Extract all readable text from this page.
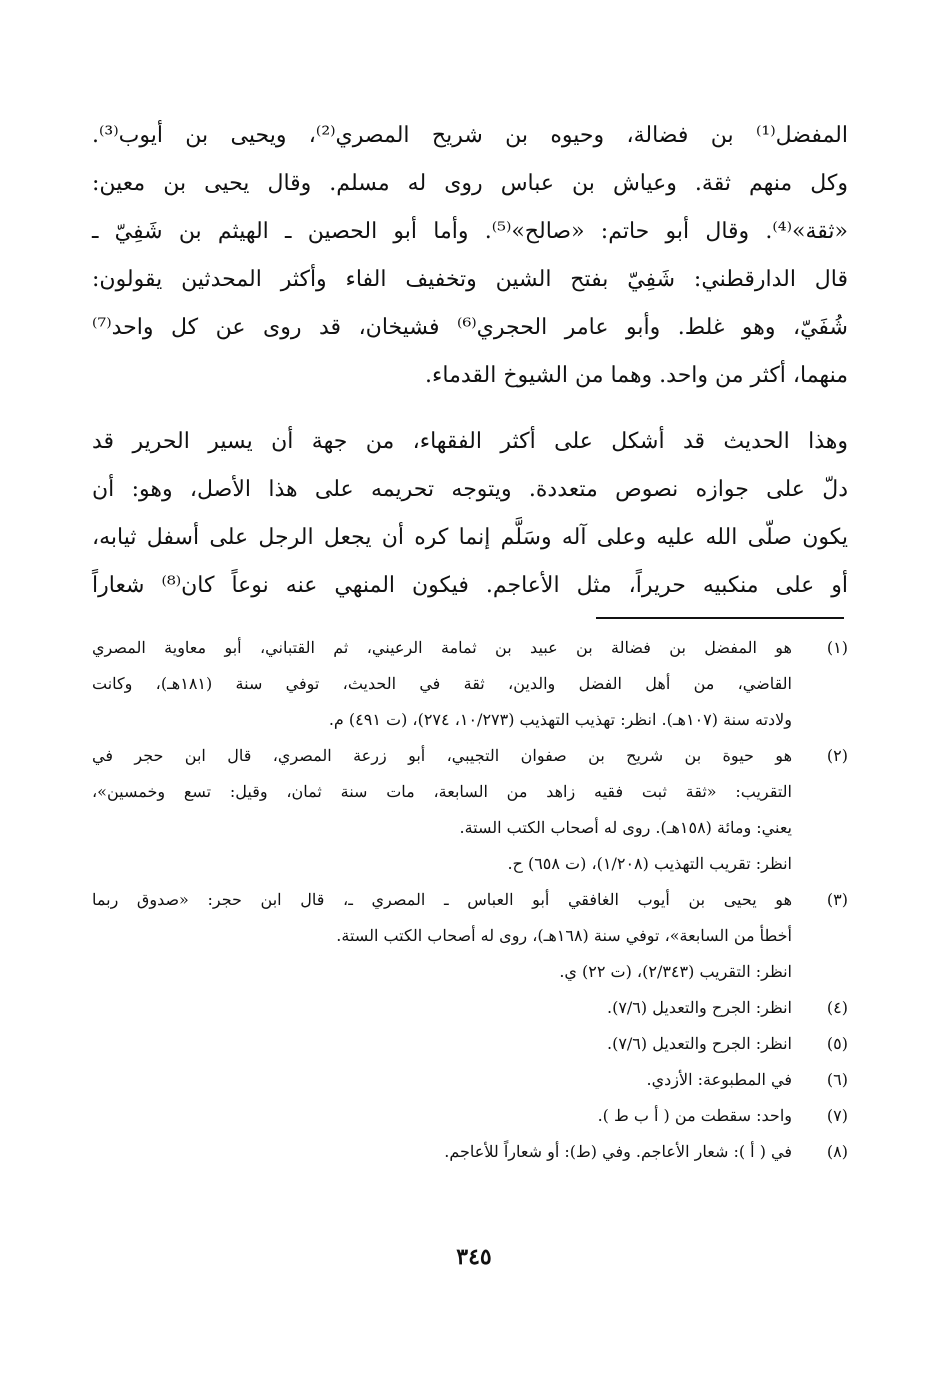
المفضل⁽¹⁾ بن فضالة، وحيوه بن شريح المصري⁽²⁾، ويحيى بن أيوب⁽³⁾.
وكل منهم ثقة. وعياش بن عباس روى له مسلم. وقال يحيى بن معين:
«ثقة»⁽⁴⁾. وقال أبو حاتم: «صالح»⁽⁵⁾. وأما أبو الحصين ـ الهيثم بن شَفِيّ ـ
قال الدارقطني: شَفِيّ بفتح الشين وتخفيف الفاء وأكثر المحدثين يقولون:
شُفَيّ، وهو غلط. وأبو عامر الحجري⁽⁶⁾ فشيخان، قد روى عن كل واحد⁽⁷⁾
منهما، أكثر من واحد. وهما من الشيوخ القدماء.
وهذا الحديث قد أشكل على أكثر الفقهاء، من جهة أن يسير الحرير قد
دلّ على جوازه نصوص متعددة. ويتوجه تحريمه على هذا الأصل، وهو: أن
يكون صلّى الله عليه وعلى آله وسَلَّم إنما كره أن يجعل الرجل على أسفل ثيابه،
أو على منكبيه حريراً، مثل الأعاجم. فيكون المنهي عنه نوعاً كان⁽⁸⁾ شعاراً
(١)
هو المفضل بن فضالة بن عبيد بن ثمامة الرعيني، ثم القتباني، أبو معاوية المصري
القاضي، من أهل الفضل والدين، ثقة في الحديث، توفي سنة (١٨١هـ)، وكانت
ولادته سنة (١٠٧هـ). انظر: تهذيب التهذيب (١٠/٢٧٣، ٢٧٤)، (ت ٤٩١) م.
(٢)
هو حيوة بن شريح بن صفوان التجيبي، أبو زرعة المصري، قال ابن حجر في
التقريب: «ثقة ثبت فقيه زاهد من السابعة، مات سنة ثمان، وقيل: تسع وخمسين»،
يعني: ومائة (١٥٨هـ). روى له أصحاب الكتب الستة.
انظر: تقريب التهذيب (١/٢٠٨)، (ت ٦٥٨) ح.
(٣)
هو يحيى بن أيوب الغافقي أبو العباس ـ المصري ـ، قال ابن حجر: «صدوق ربما
أخطأ من السابعة»، توفي سنة (١٦٨هـ)، روى له أصحاب الكتب الستة.
انظر: التقريب (٢/٣٤٣)، (ت ٢٢) ي.
(٤)
انظر: الجرح والتعديل (٧/٦).
(٥)
انظر: الجرح والتعديل (٧/٦).
(٦)
في المطبوعة: الأزدي.
(٧)
واحد: سقطت من ( أ ب ط ).
(٨)
في ( أ ): شعار الأعاجم. وفي (ط): أو شعاراً للأعاجم.
٣٤٥
